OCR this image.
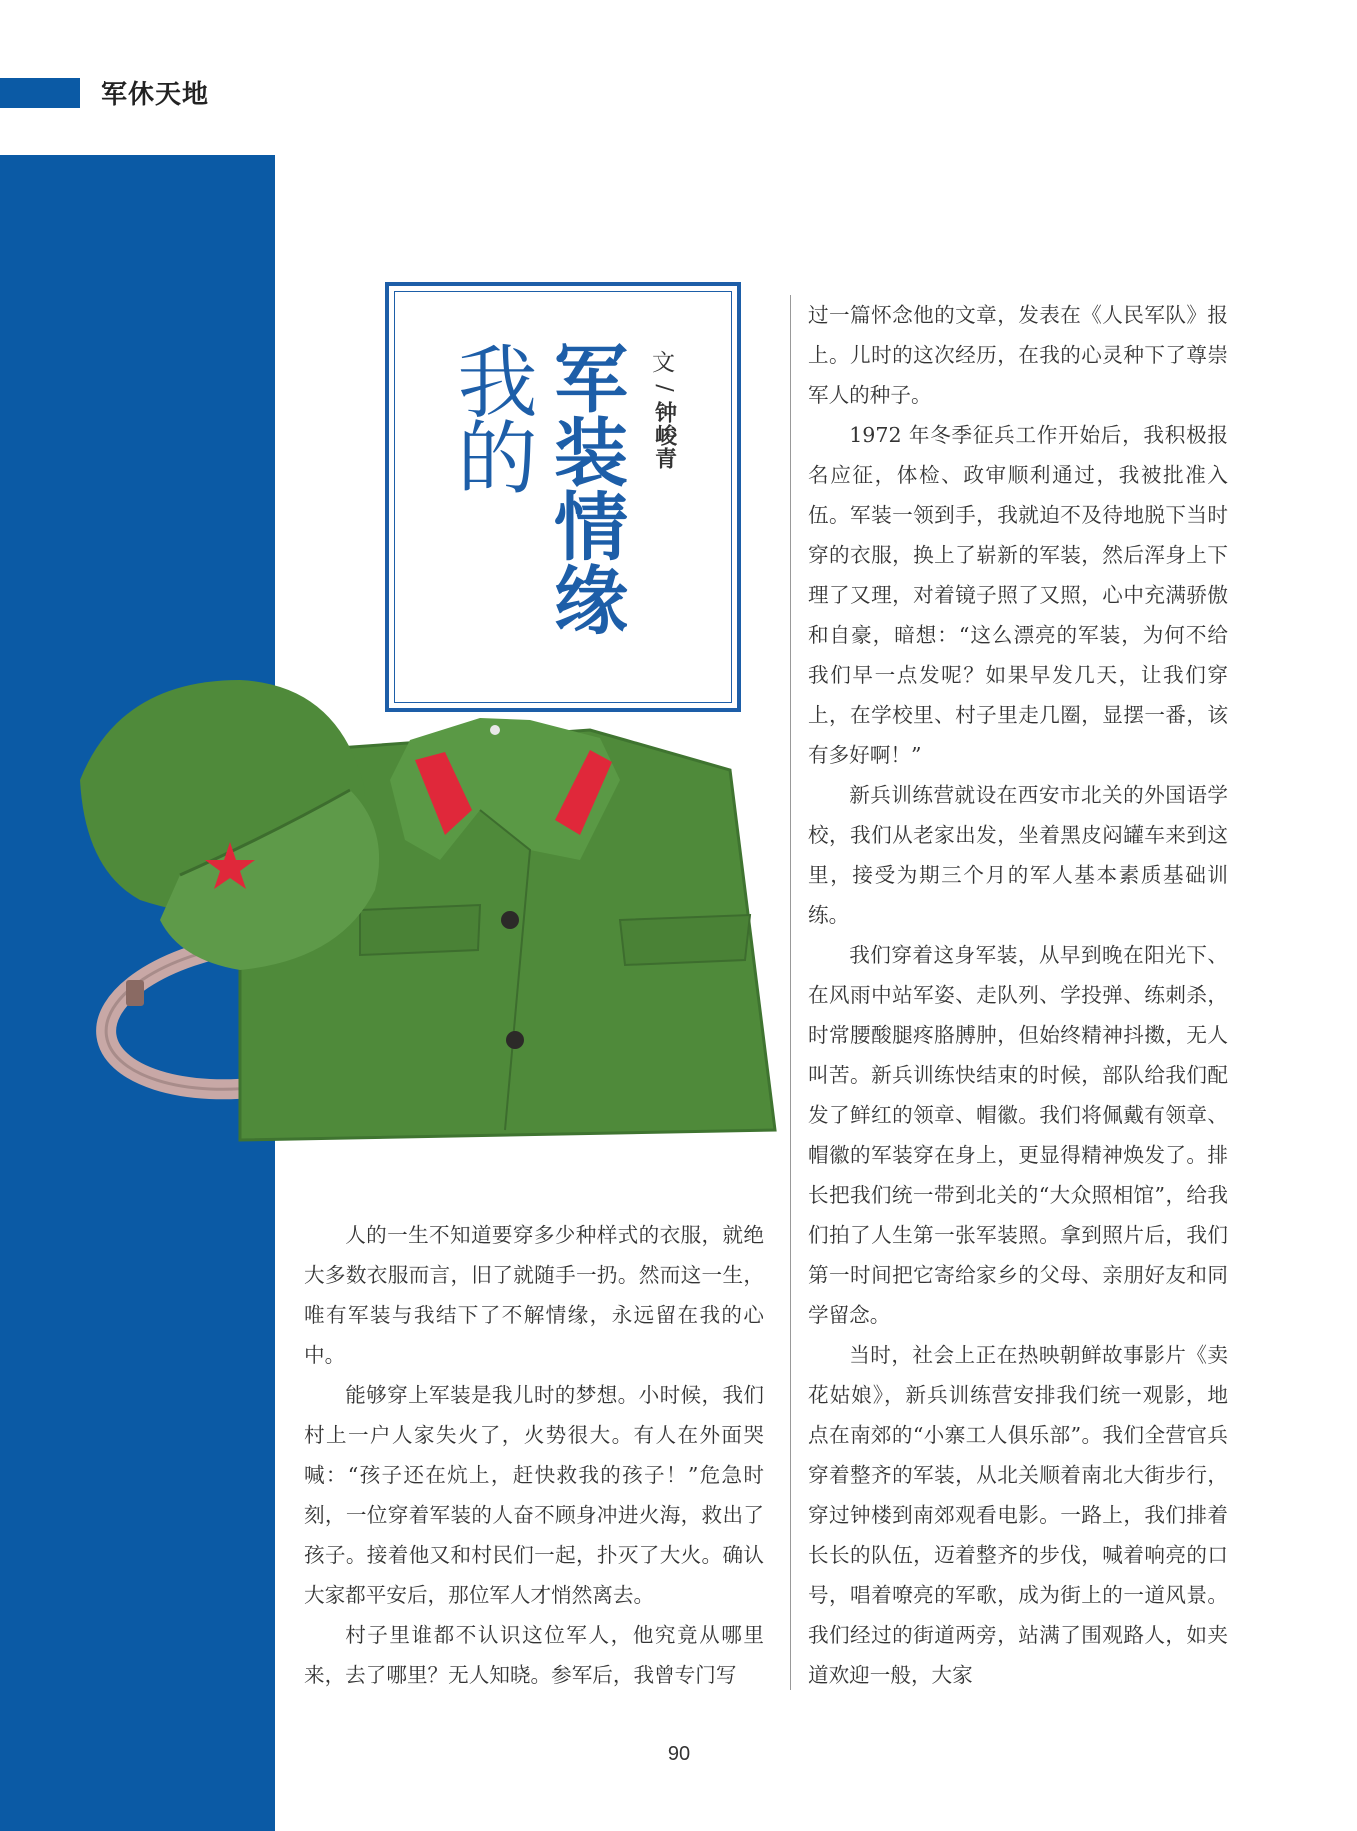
军休天地
我的 军装情缘 文
/
钟峻青

人的一生不知道要穿多少种样式的衣服，就绝大多数衣服而言，旧了就随手一扔。然而这一生，唯有军装与我结下了不解情缘，永远留在我的心中。

能够穿上军装是我儿时的梦想。小时候，我们村上一户人家失火了，火势很大。有人在外面哭喊：“孩子还在炕上，赶快救我的孩子！”危急时刻，一位穿着军装的人奋不顾身冲进火海，救出了孩子。接着他又和村民们一起，扑灭了大火。确认大家都平安后，那位军人才悄然离去。

村子里谁都不认识这位军人，他究竟从哪里来，去了哪里？无人知晓。参军后，我曾专门写

过一篇怀念他的文章，发表在《人民军队》报上。儿时的这次经历，在我的心灵种下了尊崇军人的种子。

1972 年冬季征兵工作开始后，我积极报名应征，体检、政审顺利通过，我被批准入伍。军装一领到手，我就迫不及待地脱下当时穿的衣服，换上了崭新的军装，然后浑身上下理了又理，对着镜子照了又照，心中充满骄傲和自豪，暗想：“这么漂亮的军装，为何不给我们早一点发呢？如果早发几天，让我们穿上，在学校里、村子里走几圈，显摆一番，该有多好啊！”

新兵训练营就设在西安市北关的外国语学校，我们从老家出发，坐着黑皮闷罐车来到这里，接受为期三个月的军人基本素质基础训练。

我们穿着这身军装，从早到晚在阳光下、在风雨中站军姿、走队列、学投弹、练刺杀，时常腰酸腿疼胳膊肿，但始终精神抖擞，无人叫苦。新兵训练快结束的时候，部队给我们配发了鲜红的领章、帽徽。我们将佩戴有领章、帽徽的军装穿在身上，更显得精神焕发了。排长把我们统一带到北关的“大众照相馆”，给我们拍了人生第一张军装照。拿到照片后，我们第一时间把它寄给家乡的父母、亲朋好友和同学留念。

当时，社会上正在热映朝鲜故事影片《卖花姑娘》，新兵训练营安排我们统一观影，地点在南郊的“小寨工人俱乐部”。我们全营官兵穿着整齐的军装，从北关顺着南北大街步行，穿过钟楼到南郊观看电影。一路上，我们排着长长的队伍，迈着整齐的步伐，喊着响亮的口号，唱着嘹亮的军歌，成为街上的一道风景。我们经过的街道两旁，站满了围观路人，如夹道欢迎一般，大家

90
